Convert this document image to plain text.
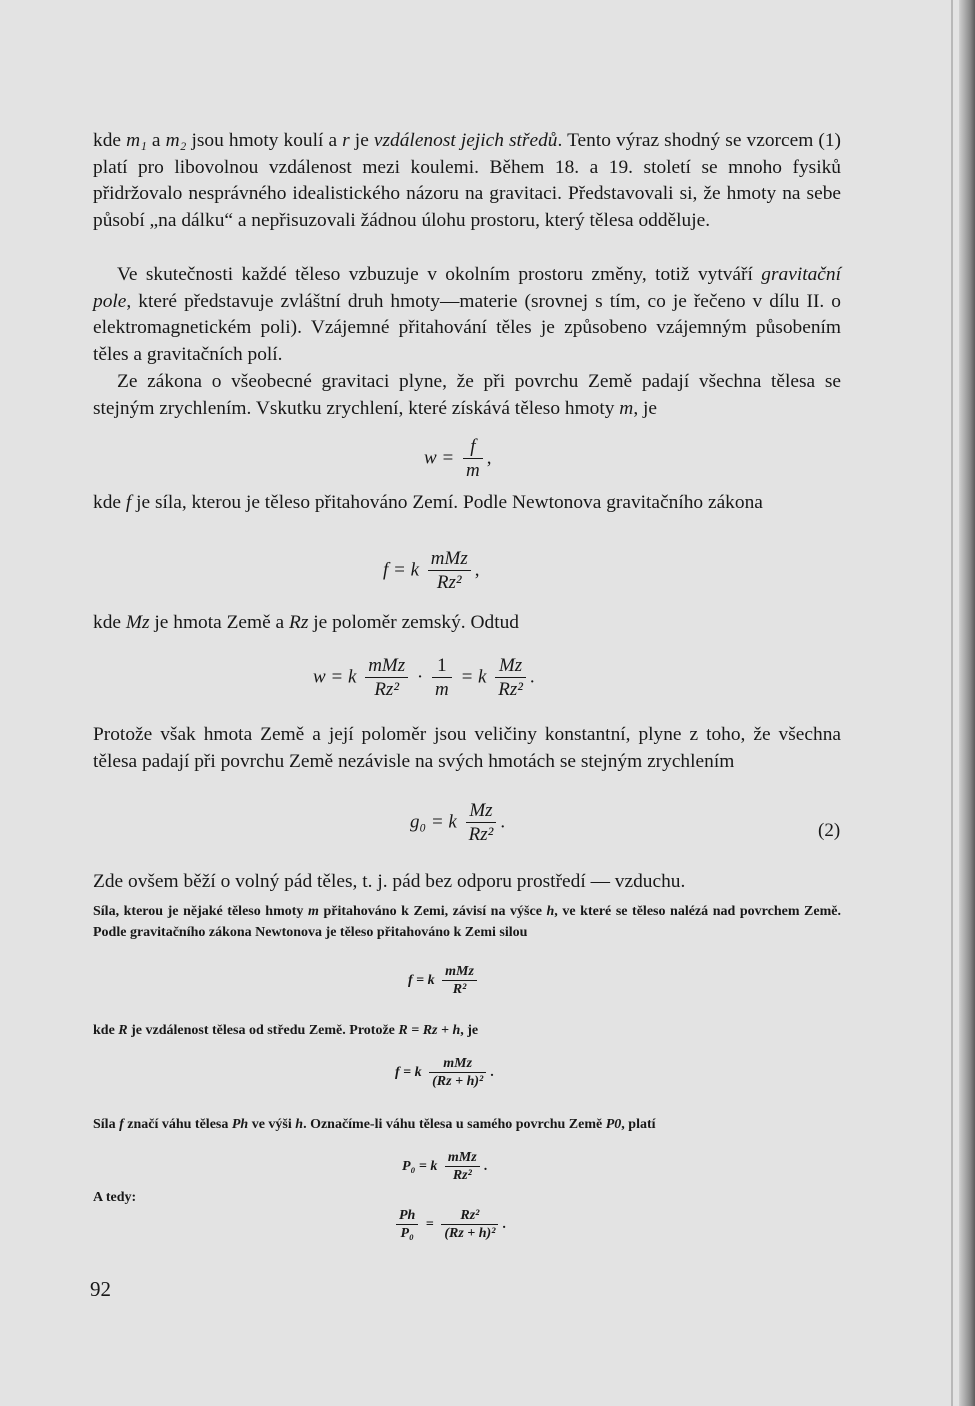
kde m₁ a m₂ jsou hmoty koulí a r je vzdálenost jejich středů. Tento výraz shodný se vzorcem (1) platí pro libovolnou vzdálenost mezi koulemi. Během 18. a 19. století se mnoho fysiků přidržovalo nesprávného idealistického názoru na gravitaci. Představovali si, že hmoty na sebe působí „na dálku“ a nepřisuzovali žádnou úlohu prostoru, který tělesa odděluje.

Ve skutečnosti každé těleso vzbuzuje v okolním prostoru změny, totiž vytváří gravitační pole, které představuje zvláštní druh hmoty—materie (srovnej s tím, co je řečeno v dílu II. o elektromagnetickém poli). Vzájemné přitahování těles je způsobeno vzájemným působením těles a gravitačních polí.

Ze zákona o všeobecné gravitaci plyne, že při povrchu Země padají všechna tělesa se stejným zrychlením. Vskutku zrychlení, které získává těleso hmoty m, je

$w = \frac{f}{m}$ ,

kde f je síla, kterou je těleso přitahováno Zemí. Podle Newtonova gravitačního zákona

f = k $\frac{\text{mMz}}{\text{Rz²}}$ ,

kde Mz je hmota Země a Rz je poloměr zemský. Odtud

w = k $\frac{\text{mMz}}{\text{Rz²}} \cdot \frac{1}{m} = k \frac{Mz}{\text{Rz²}}$ .

Protože však hmota Země a její poloměr jsou veličiny konstantní, plyne z toho, že všechna tělesa padají při povrchu Země nezávisle na svých hmotách se stejným zrychlením

g₀ = k $\frac{Mz}{\text{Rz²}}$ .	(2)

Zde ovšem běží o volný pád těles, t. j. pád bez odporu prostředí — vzduchu.

Síla, kterou je nějaké těleso hmoty m přitahováno k Zemi, závisí na výšce h, ve které se těleso nalézá nad povrchem Země. Podle gravitačního zákona Newtonova je těleso přitahováno k Zemi silou

f = k $\frac{\text{mMz}}{\text{R²}}$

kde R je vzdálenost tělesa od středu Země. Protože R = Rz + h, je

f = k $\frac{\text{mMz}}{\text{(Rz + h)²}}$ .

Síla f značí váhu tělesa Ph ve výši h. Označíme-li váhu tělesa u samého povrchu Země P0, platí

P₀ = k $\frac{\text{mMz}}{\text{Rz²}}$ .
A tedy:
$\frac{Ph}{\text{P₀}} = \frac{\text{Rz²}}{\text{(Rz + h)²}}$ .
92
